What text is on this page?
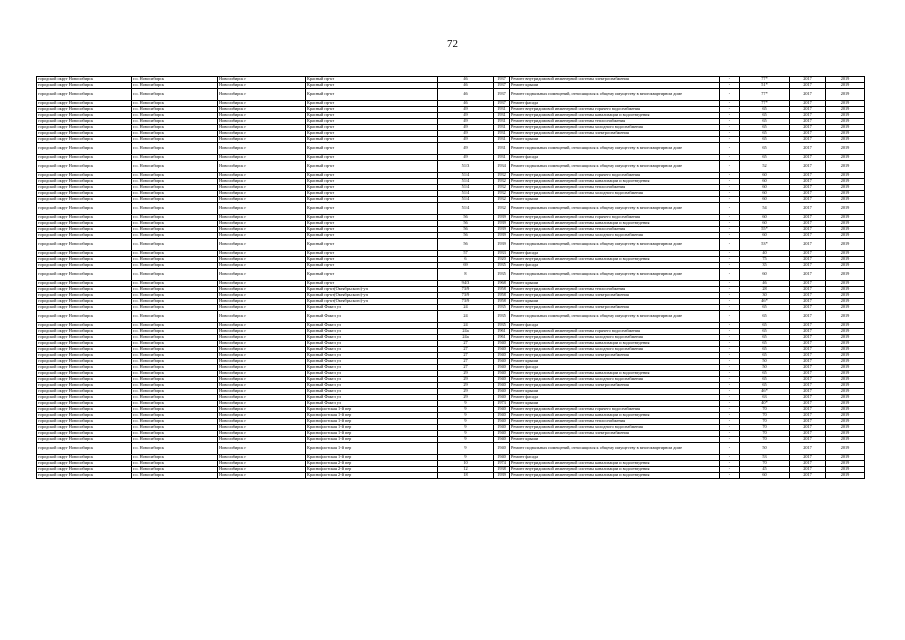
72
городской округ Новосибирск	г.о. Новосибирск	Новосибирск г	Красный пр-кт	46	1937	Ремонт внутридомовой инженерной системы электроснабжения	-	77*	2017	2019
городской округ Новосибирск	г.о. Новосибирск	Новосибирск г	Красный пр-кт	46	1937	Ремонт крыши	-	51*	2017	2019
городской округ Новосибирск	г.о. Новосибирск	Новосибирск г	Красный пр-кт	46	1937	Ремонт подвальных помещений, относящихся к общему имуществу в многоквартирном доме	-	77*	2017	2019
городской округ Новосибирск	г.о. Новосибирск	Новосибирск г	Красный пр-кт	46	1937	Ремонт фасада	-	77*	2017	2019
городской округ Новосибирск	г.о. Новосибирск	Новосибирск г	Красный пр-кт	49	1931	Ремонт внутридомовой инженерной системы горячего водоснабжения	-	65	2017	2019
городской округ Новосибирск	г.о. Новосибирск	Новосибирск г	Красный пр-кт	49	1931	Ремонт внутридомовой инженерной системы канализации и водоотведения	-	65	2017	2019
городской округ Новосибирск	г.о. Новосибирск	Новосибирск г	Красный пр-кт	49	1931	Ремонт внутридомовой инженерной системы теплоснабжения	-	65	2017	2019
городской округ Новосибирск	г.о. Новосибирск	Новосибирск г	Красный пр-кт	49	1931	Ремонт внутридомовой инженерной системы холодного водоснабжения	-	65	2017	2019
городской округ Новосибирск	г.о. Новосибирск	Новосибирск г	Красный пр-кт	49	1931	Ремонт внутридомовой инженерной системы электроснабжения	-	65	2017	2019
городской округ Новосибирск	г.о. Новосибирск	Новосибирск г	Красный пр-кт	49	1931	Ремонт крыши	-	65	2017	2019
городской округ Новосибирск	г.о. Новосибирск	Новосибирск г	Красный пр-кт	49	1931	Ремонт подвальных помещений, относящихся к общему имуществу в многоквартирном доме	-	65	2017	2019
городской округ Новосибирск	г.о. Новосибирск	Новосибирск г	Красный пр-кт	49	1931	Ремонт фасада	-	65	2017	2019
городской округ Новосибирск	г.о. Новосибирск	Новосибирск г	Красный пр-кт	51/3	1934	Ремонт подвальных помещений, относящихся к общему имуществу в многоквартирном доме	-	52	2017	2019
городской округ Новосибирск	г.о. Новосибирск	Новосибирск г	Красный пр-кт	51/4	1932	Ремонт внутридомовой инженерной системы горячего водоснабжения	-	60	2017	2019
городской округ Новосибирск	г.о. Новосибирск	Новосибирск г	Красный пр-кт	51/4	1932	Ремонт внутридомовой инженерной системы канализации и водоотведения	-	60	2017	2019
городской округ Новосибирск	г.о. Новосибирск	Новосибирск г	Красный пр-кт	51/4	1932	Ремонт внутридомовой инженерной системы теплоснабжения	-	60	2017	2019
городской округ Новосибирск	г.о. Новосибирск	Новосибирск г	Красный пр-кт	51/4	1932	Ремонт внутридомовой инженерной системы холодного водоснабжения	-	60	2017	2019
городской округ Новосибирск	г.о. Новосибирск	Новосибирск г	Красный пр-кт	51/4	1932	Ремонт крыши	-	60	2017	2019
городской округ Новосибирск	г.о. Новосибирск	Новосибирск г	Красный пр-кт	51/4	1932	Ремонт подвальных помещений, относящихся к общему имуществу в многоквартирном доме	-	54	2017	2019
городской округ Новосибирск	г.о. Новосибирск	Новосибирск г	Красный пр-кт	56	1939	Ремонт внутридомовой инженерной системы горячего водоснабжения	-	60	2017	2019
городской округ Новосибирск	г.о. Новосибирск	Новосибирск г	Красный пр-кт	56	1939	Ремонт внутридомовой инженерной системы канализации и водоотведения	-	60	2017	2019
городской округ Новосибирск	г.о. Новосибирск	Новосибирск г	Красный пр-кт	56	1939	Ремонт внутридомовой инженерной системы теплоснабжения	-	55*	2017	2019
городской округ Новосибирск	г.о. Новосибирск	Новосибирск г	Красный пр-кт	56	1939	Ремонт внутридомовой инженерной системы холодного водоснабжения	-	60	2017	2019
городской округ Новосибирск	г.о. Новосибирск	Новосибирск г	Красный пр-кт	56	1939	Ремонт подвальных помещений, относящихся к общему имуществу в многоквартирном доме	-	53*	2017	2019
городской округ Новосибирск	г.о. Новосибирск	Новосибирск г	Красный пр-кт	57	1933	Ремонт фасада	-	40	2017	2019
городской округ Новосибирск	г.о. Новосибирск	Новосибирск г	Красный пр-кт	6	1920	Ремонт внутридомовой инженерной системы канализации и водоотведения	-	75	2017	2019
городской округ Новосибирск	г.о. Новосибирск	Новосибирск г	Красный пр-кт	69	1935	Ремонт фасада	-	35	2017	2019
городской округ Новосибирск	г.о. Новосибирск	Новосибирск г	Красный пр-кт	8	1935	Ремонт подвальных помещений, относящихся к общему имуществу в многоквартирном доме	-	60	2017	2019
городской округ Новосибирск	г.о. Новосибирск	Новосибирск г	Красный пр-кт	94/3	1968	Ремонт крыши	-	46	2017	2019
городской округ Новосибирск	г.о. Новосибирск	Новосибирск г	Красный пр-кт(Октябрьского)-уп	73/9	1958	Ремонт внутридомовой инженерной системы теплоснабжения	-	28	2017	2019
городской округ Новосибирск	г.о. Новосибирск	Новосибирск г	Красный пр-кт(Октябрьского)-уп	73/9	1958	Ремонт внутридомовой инженерной системы электроснабжения	-	30	2017	2019
городской округ Новосибирск	г.о. Новосибирск	Новосибирск г	Красный пр-кт(Октябрьского)-уп	73/9	1958	Ремонт крыши	-	46*	2017	2019
городской округ Новосибирск	г.о. Новосибирск	Новосибирск г	Красный Факел ул	24	1935	Ремонт внутридомовой инженерной системы электроснабжения	-	65	2017	2019
городской округ Новосибирск	г.о. Новосибирск	Новосибирск г	Красный Факел ул	24	1935	Ремонт подвальных помещений, относящихся к общему имуществу в многоквартирном доме	-	65	2017	2019
городской округ Новосибирск	г.о. Новосибирск	Новосибирск г	Красный Факел ул	24	1935	Ремонт фасада	-	65	2017	2019
городской округ Новосибирск	г.о. Новосибирск	Новосибирск г	Красный Факел ул	24а	1961	Ремонт внутридомовой инженерной системы горячего водоснабжения	-	65	2017	2019
городской округ Новосибирск	г.о. Новосибирск	Новосибирск г	Красный Факел ул	24а	1961	Ремонт внутридомовой инженерной системы холодного водоснабжения	-	65	2017	2019
городской округ Новосибирск	г.о. Новосибирск	Новосибирск г	Красный Факел ул	27	1940	Ремонт внутридомовой инженерной системы канализации и водоотведения	-	65	2017	2019
городской округ Новосибирск	г.о. Новосибирск	Новосибирск г	Красный Факел ул	27	1940	Ремонт внутридомовой инженерной системы холодного водоснабжения	-	65	2017	2019
городской округ Новосибирск	г.о. Новосибирск	Новосибирск г	Красный Факел ул	27	1940	Ремонт внутридомовой инженерной системы электроснабжения	-	65	2017	2019
городской округ Новосибирск	г.о. Новосибирск	Новосибирск г	Красный Факел ул	27	1940	Ремонт крыши	-	50	2017	2019
городской округ Новосибирск	г.о. Новосибирск	Новосибирск г	Красный Факел ул	27	1940	Ремонт фасада	-	50	2017	2019
городской округ Новосибирск	г.о. Новосибирск	Новосибирск г	Красный Факел ул	29	1940	Ремонт внутридомовой инженерной системы канализации и водоотведения	-	65	2017	2019
городской округ Новосибирск	г.о. Новосибирск	Новосибирск г	Красный Факел ул	29	1940	Ремонт внутридомовой инженерной системы холодного водоснабжения	-	65	2017	2019
городской округ Новосибирск	г.о. Новосибирск	Новосибирск г	Красный Факел ул	29	1940	Ремонт внутридомовой инженерной системы электроснабжения	-	65	2017	2019
городской округ Новосибирск	г.о. Новосибирск	Новосибирск г	Красный Факел ул	29	1940	Ремонт крыши	-	46*	2017	2019
городской округ Новосибирск	г.о. Новосибирск	Новосибирск г	Красный Факел ул	29	1940	Ремонт фасада	-	63	2017	2019
городской округ Новосибирск	г.о. Новосибирск	Новосибирск г	Красный Факел ул	9	1973	Ремонт крыши	-	40*	2017	2019
городской округ Новосибирск	г.о. Новосибирск	Новосибирск г	Краснофлотская 1-й пер	9	1940	Ремонт внутридомовой инженерной системы горячего водоснабжения	-	70	2017	2019
городской округ Новосибирск	г.о. Новосибирск	Новосибирск г	Краснофлотская 1-й пер	9	1940	Ремонт внутридомовой инженерной системы канализации и водоотведения	-	70	2017	2019
городской округ Новосибирск	г.о. Новосибирск	Новосибирск г	Краснофлотская 1-й пер	9	1940	Ремонт внутридомовой инженерной системы теплоснабжения	-	70	2017	2019
городской округ Новосибирск	г.о. Новосибирск	Новосибирск г	Краснофлотская 1-й пер	9	1940	Ремонт внутридомовой инженерной системы холодного водоснабжения	-	70	2017	2019
городской округ Новосибирск	г.о. Новосибирск	Новосибирск г	Краснофлотская 1-й пер	9	1940	Ремонт внутридомовой инженерной системы электроснабжения	-	70	2017	2019
городской округ Новосибирск	г.о. Новосибирск	Новосибирск г	Краснофлотская 1-й пер	9	1940	Ремонт крыши	-	70	2017	2019
городской округ Новосибирск	г.о. Новосибирск	Новосибирск г	Краснофлотская 1-й пер	9	1940	Ремонт подвальных помещений, относящихся к общему имуществу в многоквартирном доме	-	50	2017	2019
городской округ Новосибирск	г.о. Новосибирск	Новосибирск г	Краснофлотская 1-й пер	9	1940	Ремонт фасада	-	53	2017	2019
городской округ Новосибирск	г.о. Новосибирск	Новосибирск г	Краснофлотская 2-й пер	10	1974	Ремонт внутридомовой инженерной системы канализации и водоотведения	-	70	2017	2019
городской округ Новосибирск	г.о. Новосибирск	Новосибирск г	Краснофлотская 2-й пер	12	1938	Ремонт внутридомовой инженерной системы канализации и водоотведения	-	45	2017	2019
городской округ Новосибирск	г.о. Новосибирск	Новосибирск г	Краснофлотская 2-й пер	18	1939	Ремонт внутридомовой инженерной системы канализации и водоотведения	-	60	2017	2019
